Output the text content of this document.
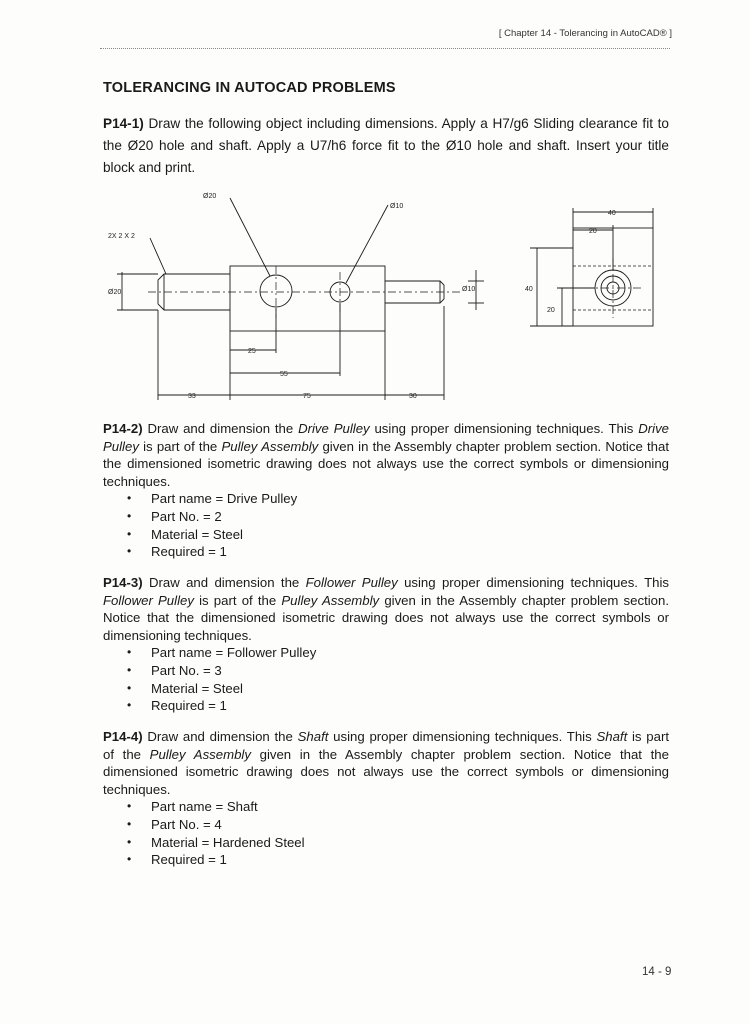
[ Chapter 14 - Tolerancing in AutoCAD® ]
TOLERANCING IN AUTOCAD PROBLEMS
P14-1) Draw the following object including dimensions. Apply a H7/g6 Sliding clearance fit to the Ø20 hole and shaft. Apply a U7/h6 force fit to the Ø10 hole and shaft. Insert your title block and print.
Ø20
Ø10
2X 2 X 2
Ø20	Ø10
25
55
33	75	30
40
20
40
20
P14-2) Draw and dimension the Drive Pulley using proper dimensioning techniques. This Drive Pulley is part of the Pulley Assembly given in the Assembly chapter problem section. Notice that the dimensioned isometric drawing does not always use the correct symbols or dimensioning techniques.
• Part name = Drive Pulley
• Part No. = 2
• Material = Steel
• Required = 1
P14-3) Draw and dimension the Follower Pulley using proper dimensioning techniques. This Follower Pulley is part of the Pulley Assembly given in the Assembly chapter problem section. Notice that the dimensioned isometric drawing does not always use the correct symbols or dimensioning techniques.
• Part name = Follower Pulley
• Part No. = 3
• Material = Steel
• Required = 1
P14-4) Draw and dimension the Shaft using proper dimensioning techniques. This Shaft is part of the Pulley Assembly given in the Assembly chapter problem section. Notice that the dimensioned isometric drawing does not always use the correct symbols or dimensioning techniques.
• Part name = Shaft
• Part No. = 4
• Material = Hardened Steel
• Required = 1
14 - 9
